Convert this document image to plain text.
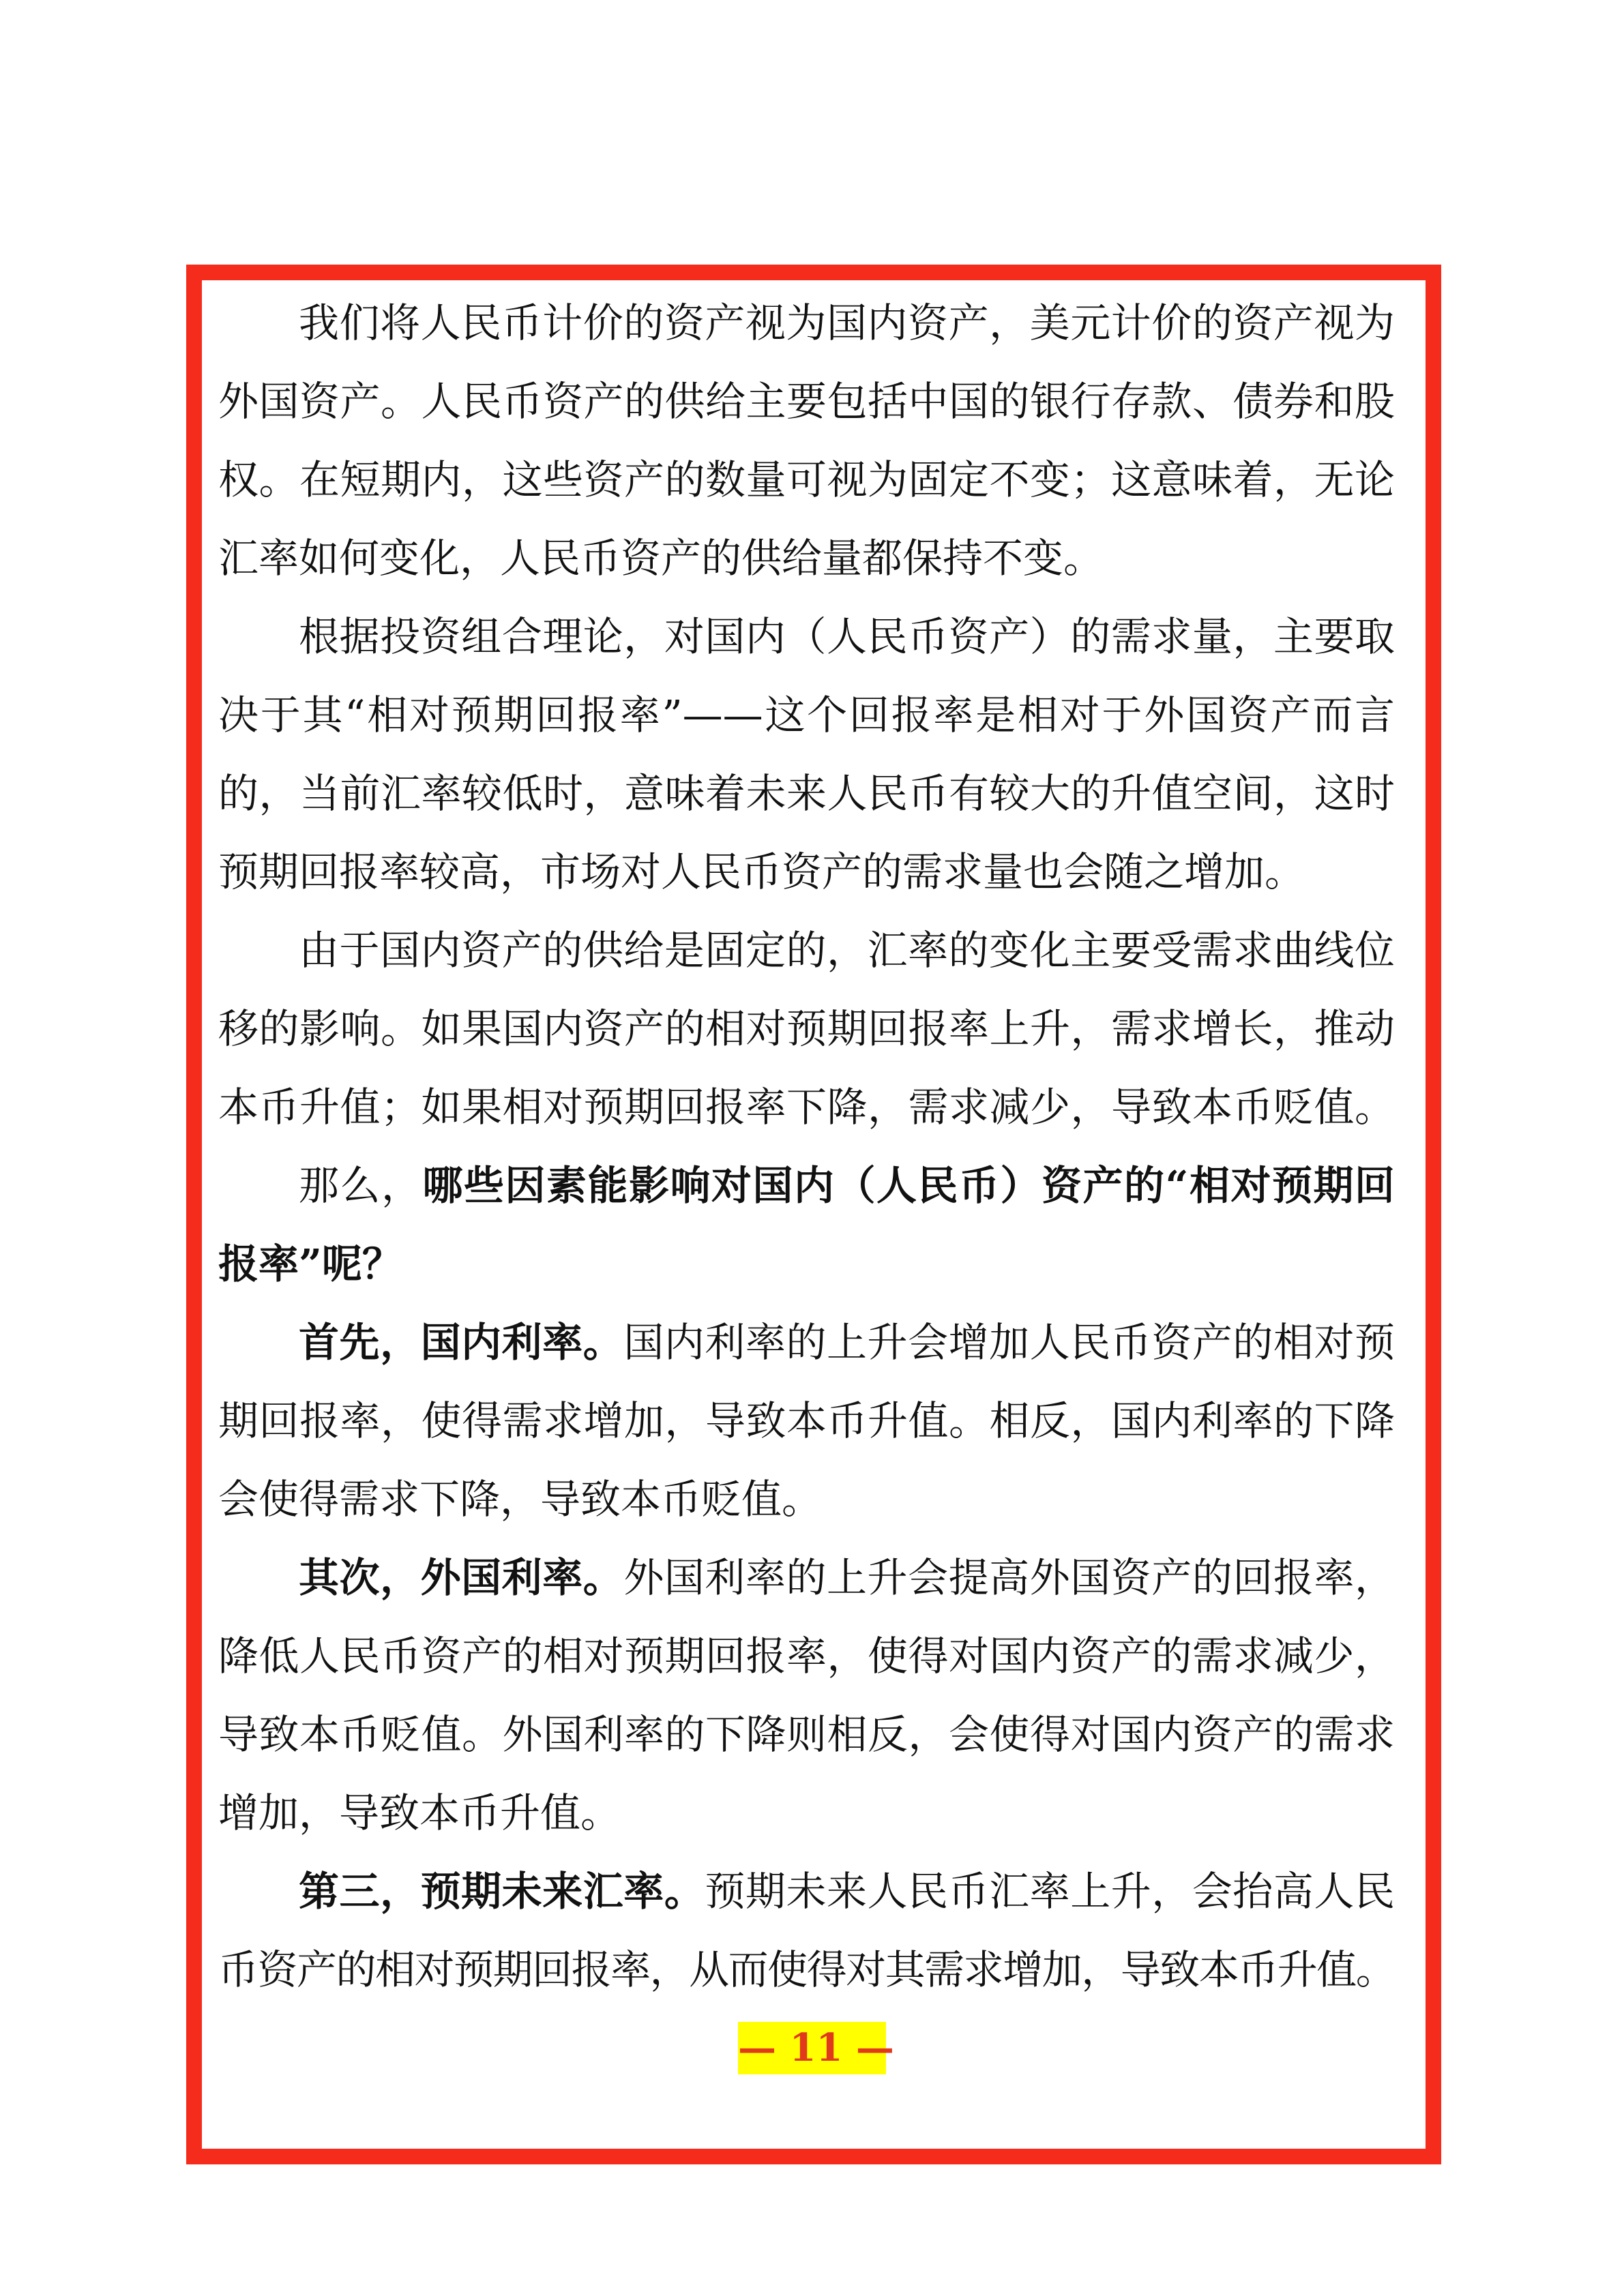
我们将人民币计价的资产视为国内资产，美元计价的资产视为
外国资产。人民币资产的供给主要包括中国的银行存款、债券和股
权。在短期内，这些资产的数量可视为固定不变；这意味着，无论
汇率如何变化，人民币资产的供给量都保持不变。
根据投资组合理论，对国内（人民币资产）的需求量，主要取
决于其“相对预期回报率”——这个回报率是相对于外国资产而言
的，当前汇率较低时，意味着未来人民币有较大的升值空间，这时
预期回报率较高，市场对人民币资产的需求量也会随之增加。
由于国内资产的供给是固定的，汇率的变化主要受需求曲线位
移的影响。如果国内资产的相对预期回报率上升，需求增长，推动
本币升值；如果相对预期回报率下降，需求减少，导致本币贬值。
那么，哪些因素能影响对国内（人民币）资产的“相对预期回
报率”呢？
首先，国内利率。国内利率的上升会增加人民币资产的相对预
期回报率，使得需求增加，导致本币升值。相反，国内利率的下降
会使得需求下降，导致本币贬值。
其次，外国利率。外国利率的上升会提高外国资产的回报率，
降低人民币资产的相对预期回报率，使得对国内资产的需求减少，
导致本币贬值。外国利率的下降则相反，会使得对国内资产的需求
增加，导致本币升值。
第三，预期未来汇率。预期未来人民币汇率上升，会抬高人民
币资产的相对预期回报率，从而使得对其需求增加，导致本币升值。
— 11 —
